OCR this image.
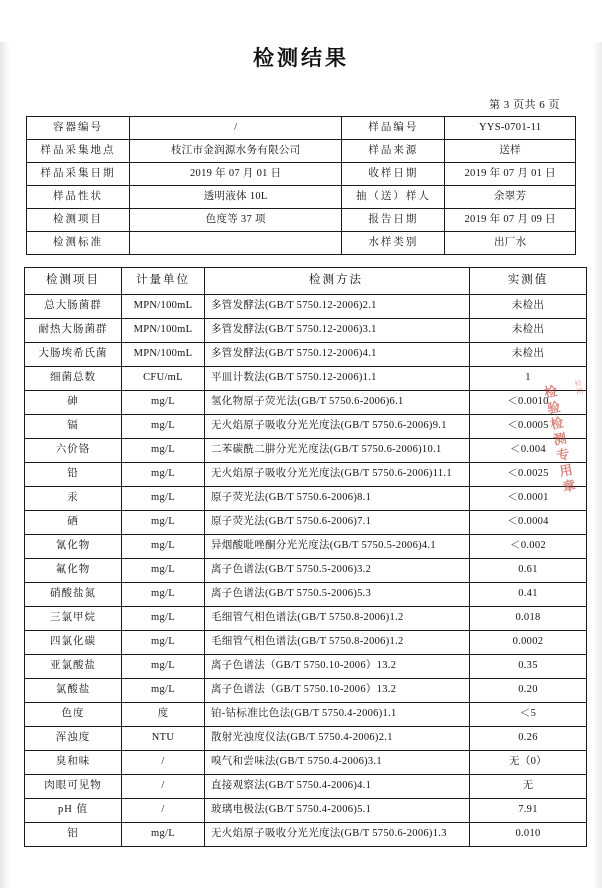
检测结果
第 3 页共 6 页
容器编号	/	样品编号	YYS-0701-11
样品采集地点	枝江市金润源水务有限公司	样品来源	送样
样品采集日期	2019 年 07 月 01 日	收样日期	2019 年 07 月 01 日
样品性状	透明液体 10L	抽（送）样人	余翠芳
检测项目	色度等 37 项	报告日期	2019 年 07 月 09 日
检测标准		水样类别	出厂水
检测项目	计量单位	检测方法	实测值
总大肠菌群	MPN/100mL	多管发酵法(GB/T 5750.12-2006)2.1	未检出
耐热大肠菌群	MPN/100mL	多管发酵法(GB/T 5750.12-2006)3.1	未检出
大肠埃希氏菌	MPN/100mL	多管发酵法(GB/T 5750.12-2006)4.1	未检出
细菌总数	CFU/mL	平皿计数法(GB/T 5750.12-2006)1.1	1
砷	mg/L	氢化物原子荧光法(GB/T 5750.6-2006)6.1	＜0.0010
镉	mg/L	无火焰原子吸收分光光度法(GB/T 5750.6-2006)9.1	＜0.0005
六价铬	mg/L	二苯碳酰二肼分光光度法(GB/T 5750.6-2006)10.1	＜0.004
铅	mg/L	无火焰原子吸收分光光度法(GB/T 5750.6-2006)11.1	＜0.0025
汞	mg/L	原子荧光法(GB/T 5750.6-2006)8.1	＜0.0001
硒	mg/L	原子荧光法(GB/T 5750.6-2006)7.1	＜0.0004
氰化物	mg/L	异烟酸吡唑酮分光光度法(GB/T 5750.5-2006)4.1	＜0.002
氟化物	mg/L	离子色谱法(GB/T 5750.5-2006)3.2	0.61
硝酸盐氮	mg/L	离子色谱法(GB/T 5750.5-2006)5.3	0.41
三氯甲烷	mg/L	毛细管气相色谱法(GB/T 5750.8-2006)1.2	0.018
四氯化碳	mg/L	毛细管气相色谱法(GB/T 5750.8-2006)1.2	0.0002
亚氯酸盐	mg/L	离子色谱法（GB/T 5750.10-2006）13.2	0.35
氯酸盐	mg/L	离子色谱法（GB/T 5750.10-2006）13.2	0.20
色度	度	铂-钴标准比色法(GB/T 5750.4-2006)1.1	＜5
浑浊度	NTU	散射光浊度仪法(GB/T 5750.4-2006)2.1	0.26
臭和味	/	嗅气和尝味法(GB/T 5750.4-2006)3.1	无（0）
肉眼可见物	/	直接观察法(GB/T 5750.4-2006)4.1	无
pH 值	/	玻璃电极法(GB/T 5750.4-2006)5.1	7.91
铝	mg/L	无火焰原子吸收分光光度法(GB/T 5750.6-2006)1.3	0.010
检验检测专用章
检测
